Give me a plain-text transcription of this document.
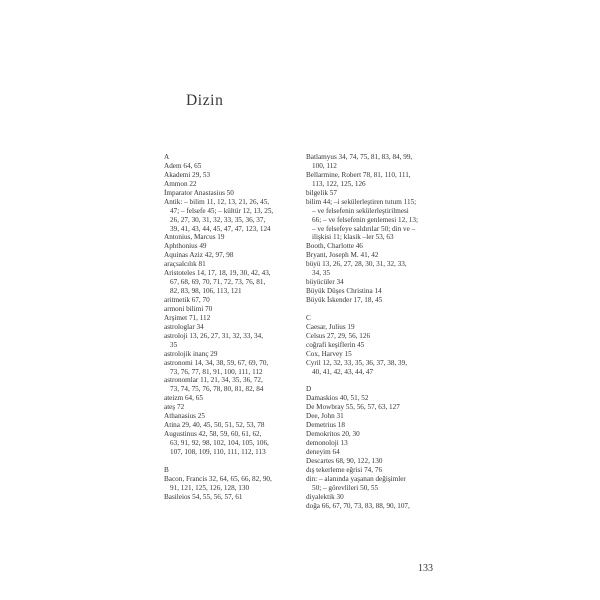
Dizin
A
Adem 64, 65
Akademi 29, 53
Ammon 22
İmparator Anastasius 50
Antik: – bilim 11, 12, 13, 21, 26, 45,
47; – felsefe 45; – kültür 12, 13, 25,
26, 27, 30, 31, 32, 33, 35, 36, 37,
39, 41, 43, 44, 45, 47, 47, 123, 124
Antonius, Marcus 19
Aphthonius 49
Aquinas Aziz 42, 97, 98
araçsalcılık 81
Aristoteles 14, 17, 18, 19, 30, 42, 43,
67, 68, 69, 70, 71, 72, 73, 76, 81,
82, 83, 98, 106, 113, 121
aritmetik 67, 70
armoni bilimi 70
Arşimet 71, 112
astrologlar 34
astroloji 13, 26, 27, 31, 32, 33, 34,
35
astrolojik inanç 29
astronomi 14, 34, 38, 59, 67, 69, 70,
73, 76, 77, 81, 91, 100, 111, 112
astronomlar 11, 21, 34, 35, 36, 72,
73, 74, 75, 76, 78, 80, 81, 82, 84
ateizm 64, 65
ateş 72
Athanasius 25
Atina 29, 40, 45, 50, 51, 52, 53, 78
Augustinus 42, 58, 59, 60, 61, 62,
63, 91, 92, 98, 102, 104, 105, 106,
107, 108, 109, 110, 111, 112, 113
B
Bacon, Francis 32, 64, 65, 66, 82, 90,
91, 121, 125, 126, 128, 130
Basileios 54, 55, 56, 57, 61
Batlamyus 34, 74, 75, 81, 83, 84, 99,
100, 112
Bellarmine, Robert 78, 81, 110, 111,
113, 122, 125, 126
bilgelik 57
bilim 44; –i sekülerleştiren tutum 115;
– ve felsefenin sekülerleştirilmesi
66; – ve felsefenin genlemesi 12, 13;
– ve felsefeye saldırılar 50; din ve –
ilişkisi 11; klasik –ler 53, 63
Booth, Charlotte 46
Bryant, Joseph M. 41, 42
büyü 13, 26, 27, 28, 30, 31, 32, 33,
34, 35
büyücüler 34
Büyük Düşes Christina 14
Büyük İskender 17, 18, 45
C
Caesar, Julius 19
Celsus 27, 29, 56, 126
coğrafi keşiflerin 45
Cox, Harvey 15
Cyril 12, 32, 33, 35, 36, 37, 38, 39,
40, 41, 42, 43, 44, 47
D
Damaskios 40, 51, 52
De Mowbray 55, 56, 57, 63, 127
Dee, John 31
Demetrius 18
Demokritos 20, 30
demonoloji 13
deneyim 64
Descartes 68, 90, 122, 130
dış tekerleme eğrisi 74, 76
din: – alanında yaşanan değişimler
50; – görevlileri 50, 55
diyalektik 30
doğa 66, 67, 70, 73, 83, 88, 90, 107,
133
